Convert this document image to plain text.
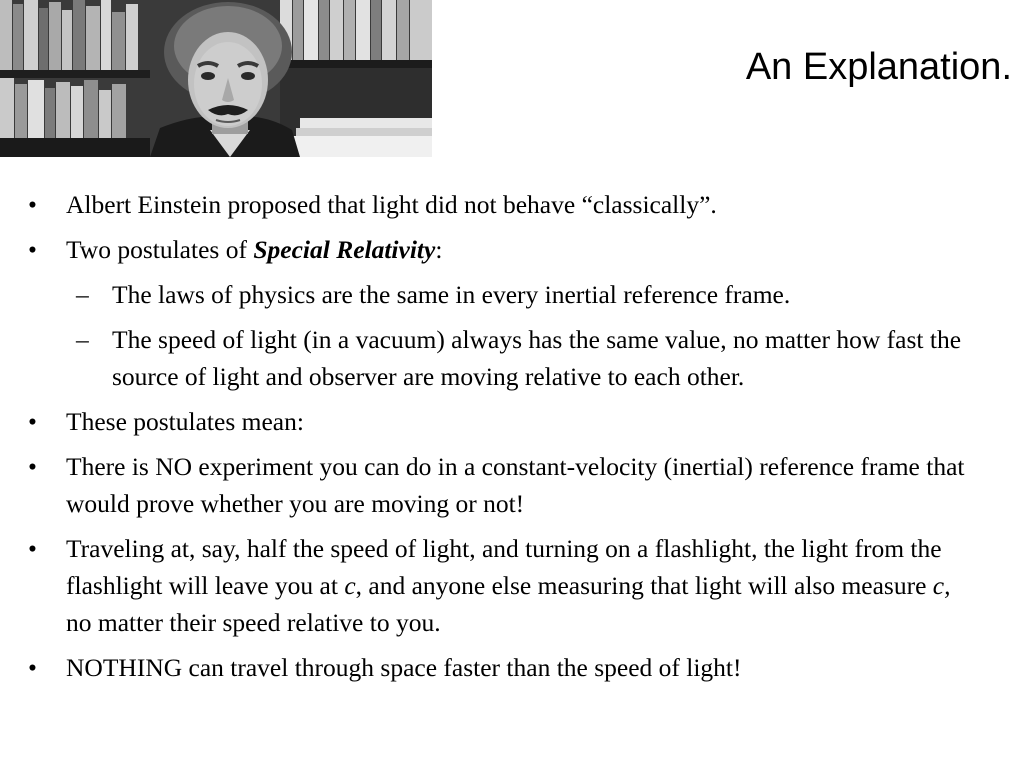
An Explanation.
• Albert Einstein proposed that light did not behave “classically”.
• Two postulates of Special Relativity:
– The laws of physics are the same in every inertial reference frame.
– The speed of light (in a vacuum) always has the same value, no matter how fast the source of light and observer are moving relative to each other.
• These postulates mean:
• There is NO experiment you can do in a constant-velocity (inertial) reference frame that would prove whether you are moving or not!
• Traveling at, say, half the speed of light, and turning on a flashlight, the light from the flashlight will leave you at c, and anyone else measuring that light will also measure c, no matter their speed relative to you.
• NOTHING can travel through space faster than the speed of light!
